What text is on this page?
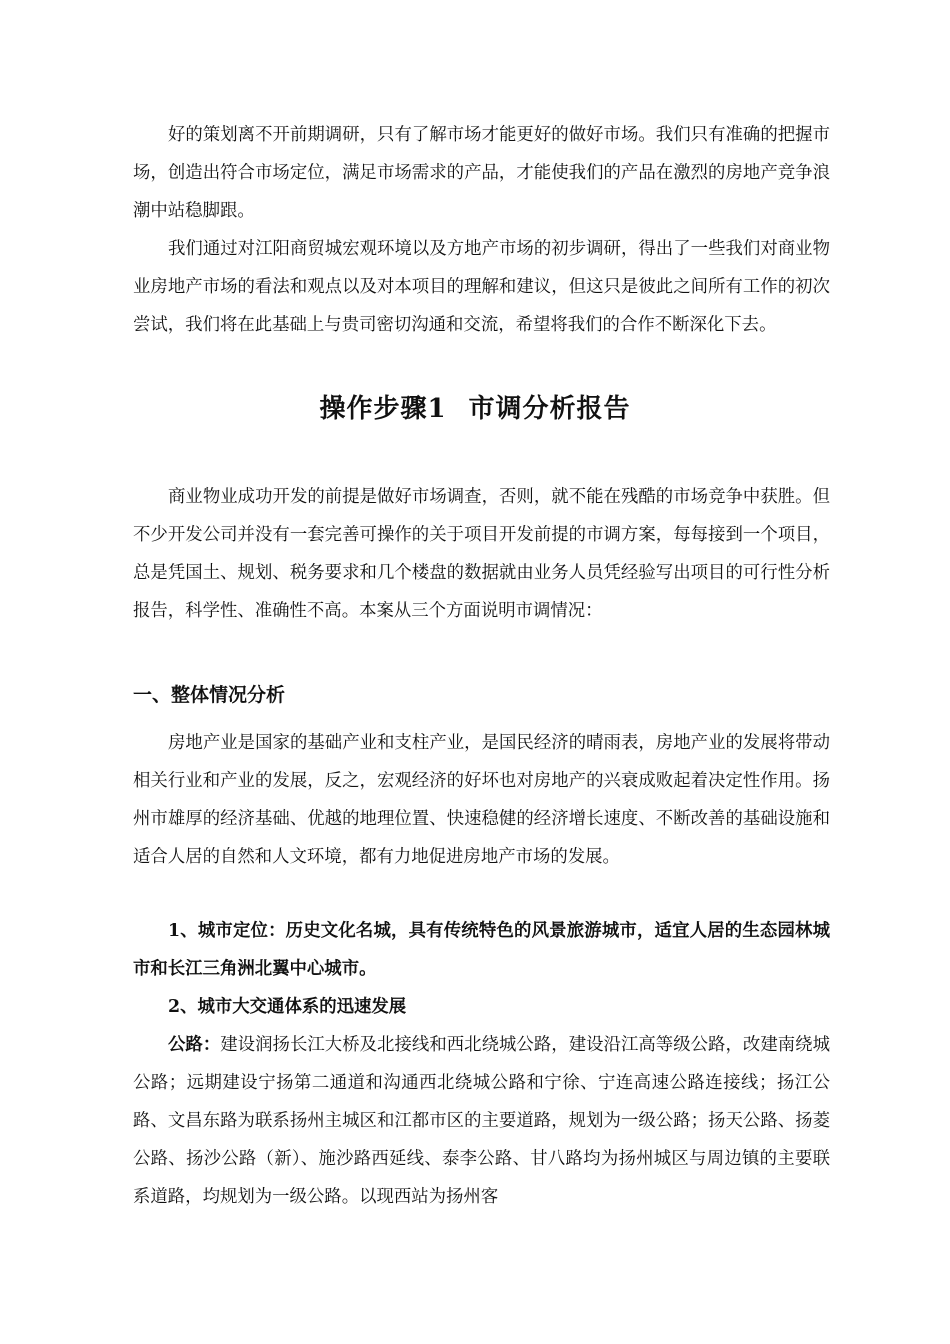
好的策划离不开前期调研，只有了解市场才能更好的做好市场。我们只有准确的把握市场，创造出符合市场定位，满足市场需求的产品，才能使我们的产品在激烈的房地产竞争浪潮中站稳脚跟。

我们通过对江阳商贸城宏观环境以及方地产市场的初步调研，得出了一些我们对商业物业房地产市场的看法和观点以及对本项目的理解和建议，但这只是彼此之间所有工作的初次尝试，我们将在此基础上与贵司密切沟通和交流，希望将我们的合作不断深化下去。

操作步骤1 市调分析报告

商业物业成功开发的前提是做好市场调查，否则，就不能在残酷的市场竞争中获胜。但不少开发公司并没有一套完善可操作的关于项目开发前提的市调方案，每每接到一个项目，总是凭国土、规划、税务要求和几个楼盘的数据就由业务人员凭经验写出项目的可行性分析报告，科学性、准确性不高。本案从三个方面说明市调情况：

一、整体情况分析

房地产业是国家的基础产业和支柱产业，是国民经济的晴雨表，房地产业的发展将带动相关行业和产业的发展，反之，宏观经济的好坏也对房地产的兴衰成败起着决定性作用。扬州市雄厚的经济基础、优越的地理位置、快速稳健的经济增长速度、不断改善的基础设施和适合人居的自然和人文环境，都有力地促进房地产市场的发展。

1、城市定位：历史文化名城，具有传统特色的风景旅游城市，适宜人居的生态园林城市和长江三角洲北翼中心城市。

2、城市大交通体系的迅速发展

公路：建设润扬长江大桥及北接线和西北绕城公路，建设沿江高等级公路，改建南绕城公路；远期建设宁扬第二通道和沟通西北绕城公路和宁徐、宁连高速公路连接线；扬江公路、文昌东路为联系扬州主城区和江都市区的主要道路，规划为一级公路；扬天公路、扬菱公路、扬沙公路（新）、施沙路西延线、泰李公路、甘八路均为扬州城区与周边镇的主要联系道路，均规划为一级公路。以现西站为扬州客
